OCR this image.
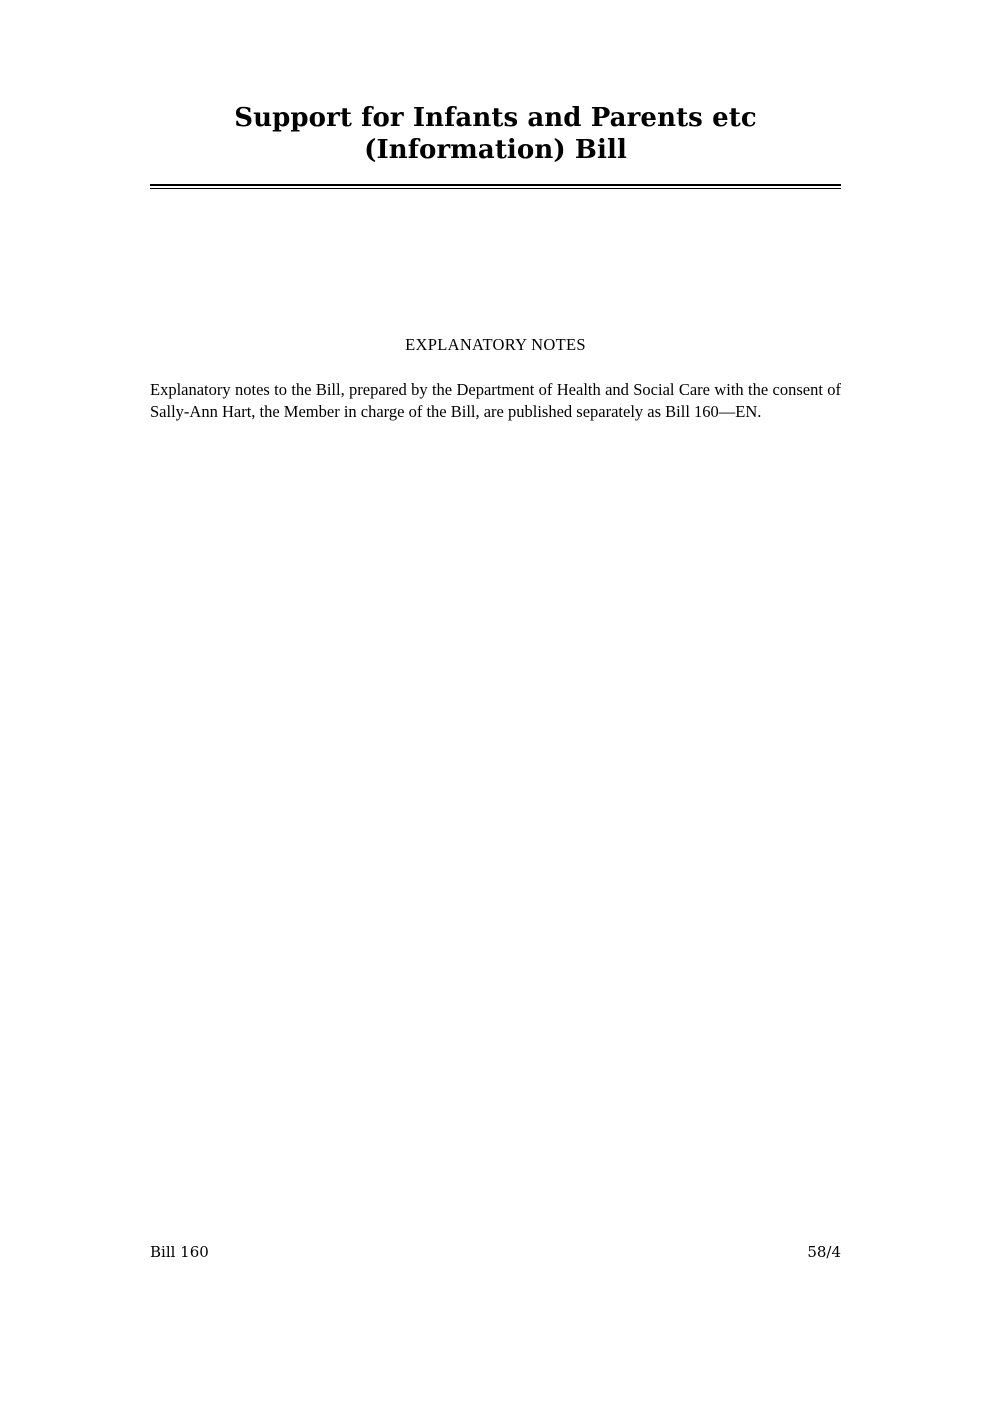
Support for Infants and Parents etc (Information) Bill
EXPLANATORY NOTES

Explanatory notes to the Bill, prepared by the Department of Health and Social Care with the consent of Sally-Ann Hart, the Member in charge of the Bill, are published separately as Bill 160—EN.

Bill 160	58/4
